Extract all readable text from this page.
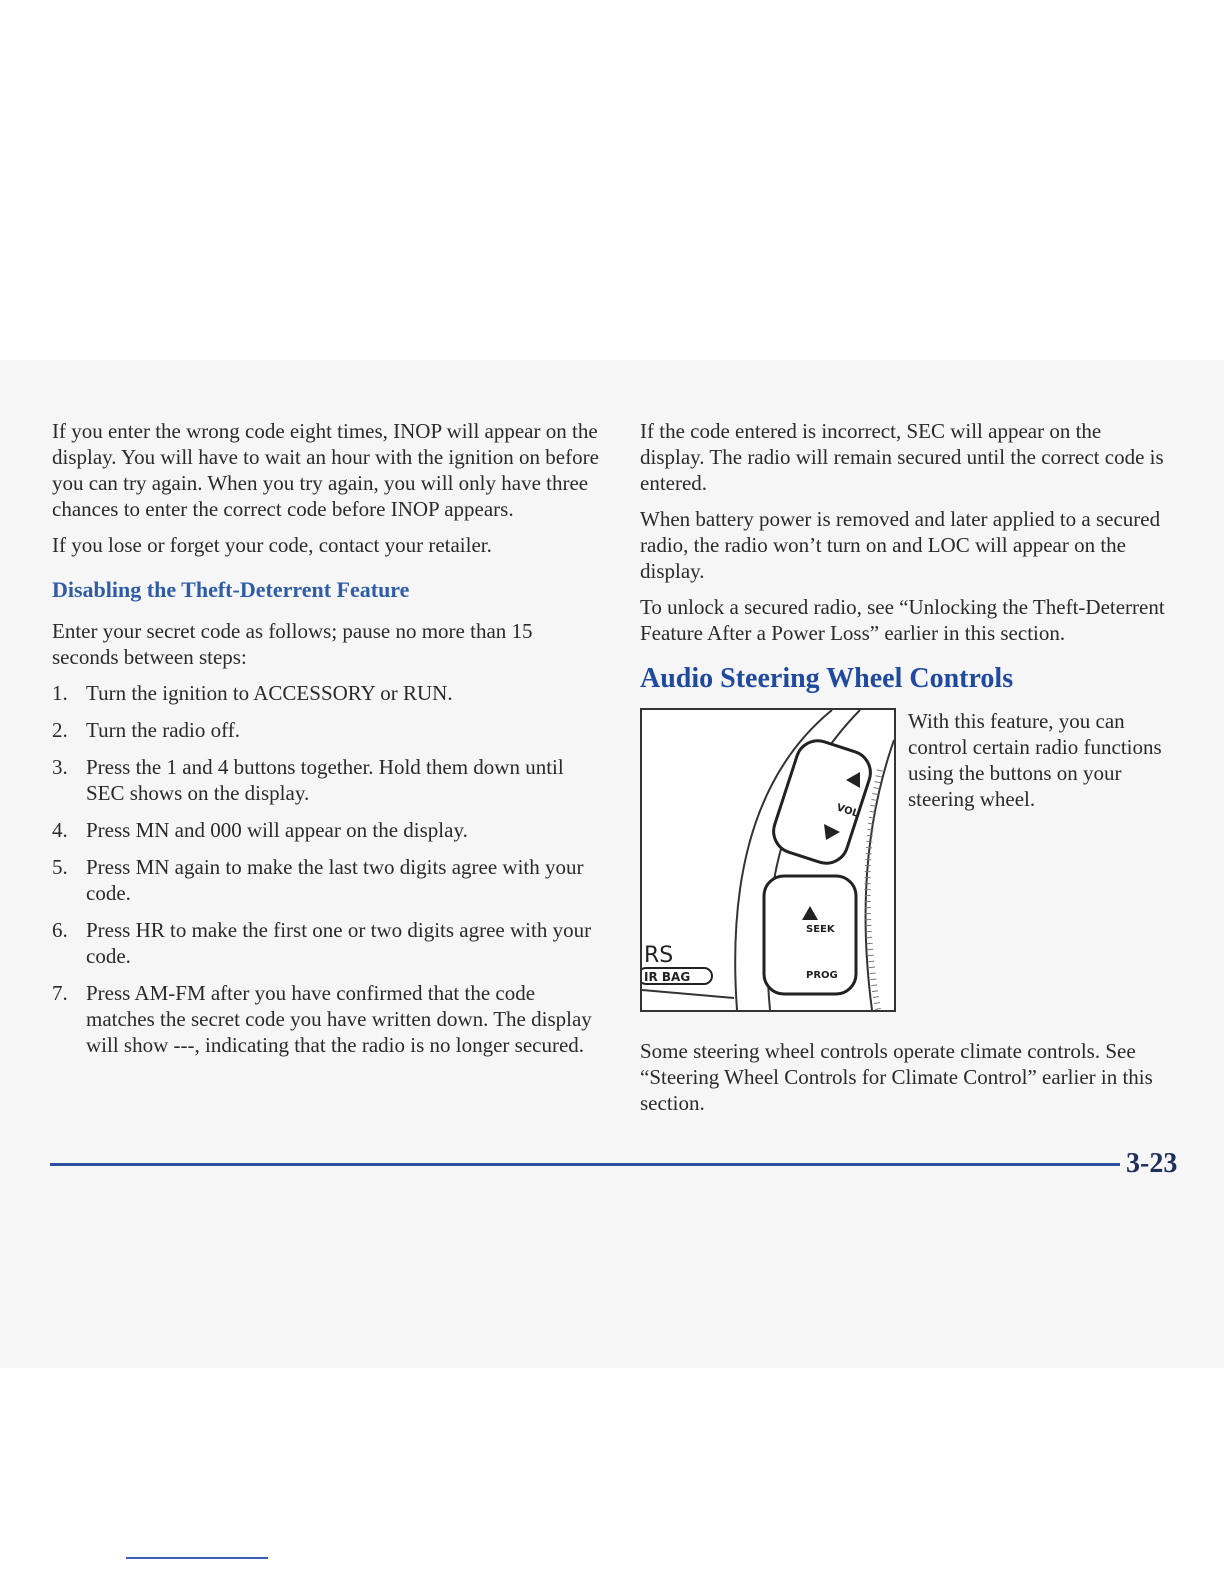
If you enter the wrong code eight times, INOP will appear on the display. You will have to wait an hour with the ignition on before you can try again. When you try again, you will only have three chances to enter the correct code before INOP appears.

If you lose or forget your code, contact your retailer.

Disabling the Theft-Deterrent Feature

Enter your secret code as follows; pause no more than 15 seconds between steps:

1. Turn the ignition to ACCESSORY or RUN.
2. Turn the radio off.
3. Press the 1 and 4 buttons together. Hold them down until SEC shows on the display.
4. Press MN and 000 will appear on the display.
5. Press MN again to make the last two digits agree with your code.
6. Press HR to make the first one or two digits agree with your code.
7. Press AM-FM after you have confirmed that the code matches the secret code you have written down. The display will show ---, indicating that the radio is no longer secured.

If the code entered is incorrect, SEC will appear on the display. The radio will remain secured until the correct code is entered.

When battery power is removed and later applied to a secured radio, the radio won’t turn on and LOC will appear on the display.

To unlock a secured radio, see “Unlocking the Theft-Deterrent Feature After a Power Loss” earlier in this section.

Audio Steering Wheel Controls
VOL
SEEK
PROG
RS
IR BAG

With this feature, you can control certain radio functions using the buttons on your steering wheel.

Some steering wheel controls operate climate controls. See “Steering Wheel Controls for Climate Control” earlier in this section.

3-23
